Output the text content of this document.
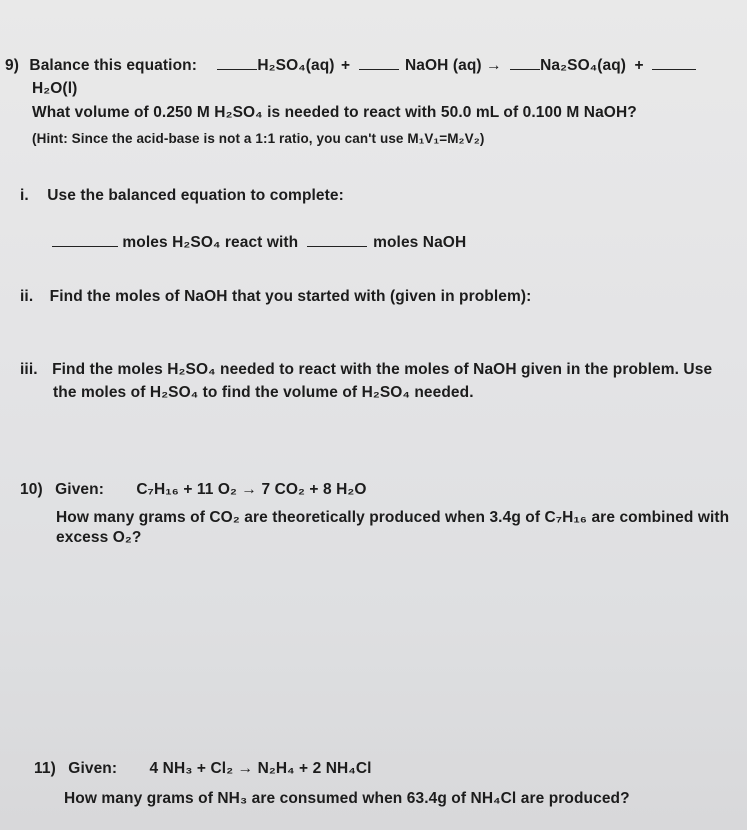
9) Balance this equation:	H₂SO₄(aq) +	NaOH (aq) → Na₂SO₄(aq) +
H₂O(l)
What volume of 0.250 M H₂SO₄ is needed to react with 50.0 mL of 0.100 M NaOH?
(Hint: Since the acid-base is not a 1:1 ratio, you can't use M₁V₁=M₂V₂)
i. Use the balanced equation to complete:
moles H₂SO₄ react with	moles NaOH
ii. Find the moles of NaOH that you started with (given in problem):
iii. Find the moles H₂SO₄ needed to react with the moles of NaOH given in the problem. Use
the moles of H₂SO₄ to find the volume of H₂SO₄ needed.
10) Given: C₇H₁₆ + 11 O₂ → 7 CO₂ + 8 H₂O
How many grams of CO₂ are theoretically produced when 3.4g of C₇H₁₆ are combined with
excess O₂?
11) Given: 4 NH₃ + Cl₂ → N₂H₄ + 2 NH₄Cl
How many grams of NH₃ are consumed when 63.4g of NH₄Cl are produced?
